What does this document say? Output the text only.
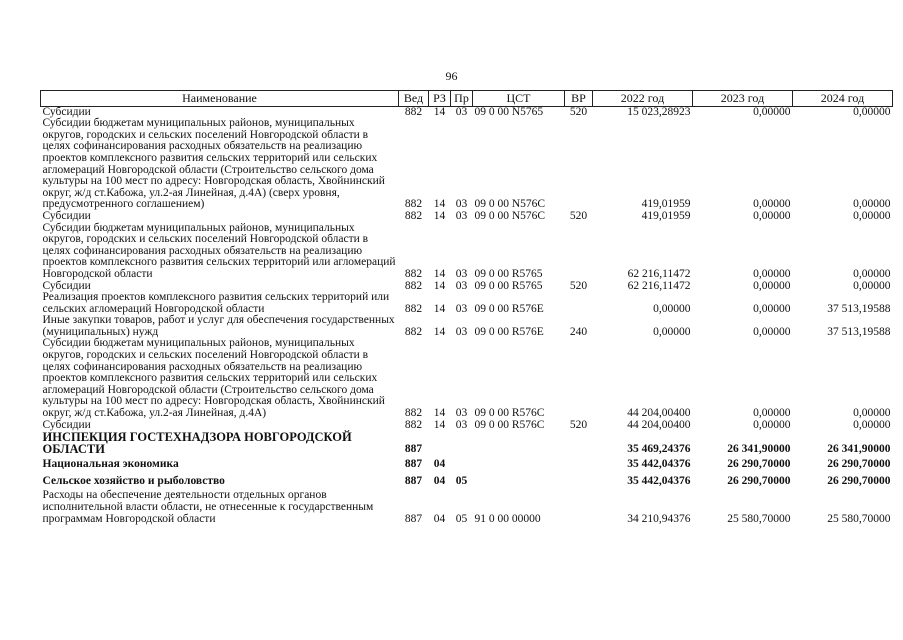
96
Наименование	Вед	РЗ	Пр	ЦСТ	ВР	2022 год	2023 год	2024 год
Субсидии	882	14	03	09 0 00 N5765	520	15 023,28923	0,00000	0,00000
Субсидии бюджетам муниципальных районов, муниципальных округов, городских и сельских поселений Новгородской области в целях софинансирования расходных обязательств на реализацию проектов комплексного развития сельских территорий или сельских агломераций Новгородской области (Строительство сельского дома культуры на 100 мест по адресу: Новгородская область, Хвойнинский округ, ж/д ст.Кабожа, ул.2-ая Линейная, д.4А) (сверх уровня, предусмотренного соглашением)	882	14	03	09 0 00 N576C		419,01959	0,00000	0,00000
Субсидии	882	14	03	09 0 00 N576C	520	419,01959	0,00000	0,00000
Субсидии бюджетам муниципальных районов, муниципальных округов, городских и сельских поселений Новгородской области в целях софинансирования расходных обязательств на реализацию проектов комплексного развития сельских территорий или агломераций Новгородской области	882	14	03	09 0 00 R5765		62 216,11472	0,00000	0,00000
Субсидии	882	14	03	09 0 00 R5765	520	62 216,11472	0,00000	0,00000
Реализация проектов комплексного развития сельских территорий или сельских агломераций Новгородской области	882	14	03	09 0 00 R576E		0,00000	0,00000	37 513,19588
Иные закупки товаров, работ и услуг для обеспечения государственных (муниципальных) нужд	882	14	03	09 0 00 R576E	240	0,00000	0,00000	37 513,19588
Субсидии бюджетам муниципальных районов, муниципальных округов, городских и сельских поселений Новгородской области в целях софинансирования расходных обязательств на реализацию проектов комплексного развития сельских территорий или сельских агломераций Новгородской области (Строительство сельского дома культуры на 100 мест по адресу: Новгородская область, Хвойнинский округ, ж/д ст.Кабожа, ул.2-ая Линейная, д.4А)	882	14	03	09 0 00 R576C		44 204,00400	0,00000	0,00000
Субсидии	882	14	03	09 0 00 R576C	520	44 204,00400	0,00000	0,00000
ИНСПЕКЦИЯ ГОСТЕХНАДЗОРА НОВГОРОДСКОЙ ОБЛАСТИ	887					35 469,24376	26 341,90000	26 341,90000
Национальная экономика	887	04				35 442,04376	26 290,70000	26 290,70000
Сельское хозяйство и рыболовство	887	04	05			35 442,04376	26 290,70000	26 290,70000
Расходы на обеспечение деятельности отдельных органов исполнительной власти области, не отнесенные к государственным программам Новгородской области	887	04	05	91 0 00 00000		34 210,94376	25 580,70000	25 580,70000
